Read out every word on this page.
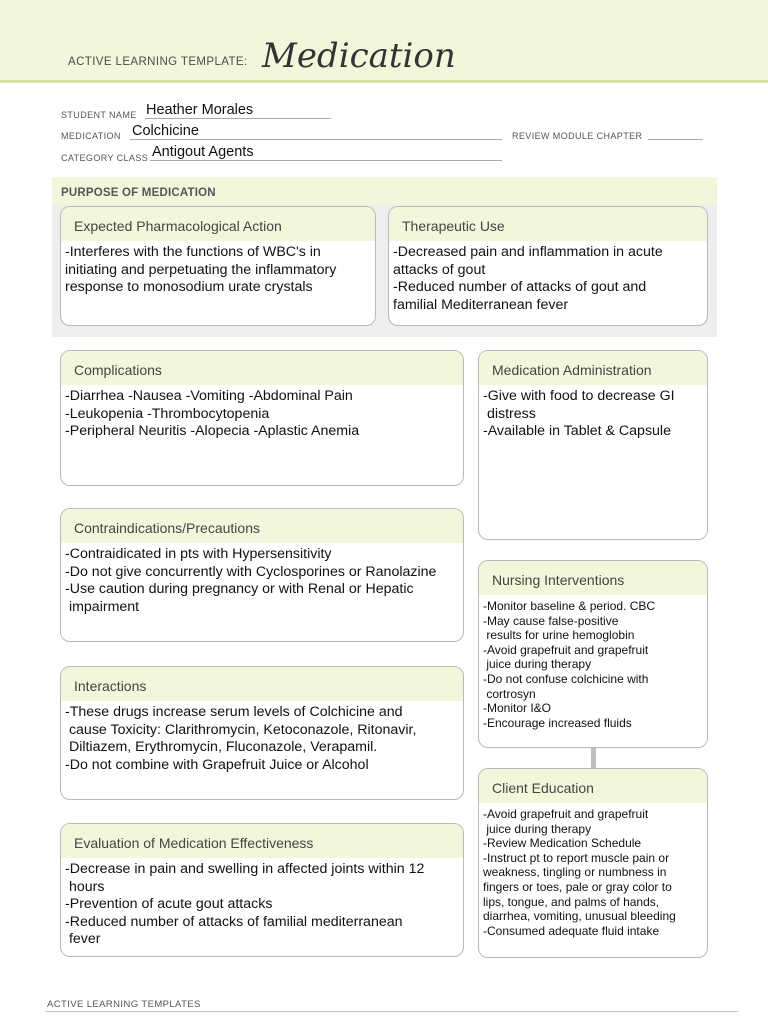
ACTIVE LEARNING TEMPLATE: Medication
STUDENT NAME Heather Morales
MEDICATION Colchicine	REVIEW MODULE CHAPTER
CATEGORY CLASS Antigout Agents
PURPOSE OF MEDICATION
Expected Pharmacological Action
-Interferes with the functions of WBC's in
initiating and perpetuating the inflammatory
response to monosodium urate crystals
Therapeutic Use
-Decreased pain and inflammation in acute
attacks of gout
-Reduced number of attacks of gout and
familial Mediterranean fever
Complications
-Diarrhea -Nausea -Vomiting -Abdominal Pain
-Leukopenia -Thrombocytopenia
-Peripheral Neuritis -Alopecia -Aplastic Anemia
Medication Administration
-Give with food to decrease GI
distress
-Available in Tablet & Capsule
Contraindications/Precautions
-Contraidicated in pts with Hypersensitivity
-Do not give concurrently with Cyclosporines or Ranolazine
-Use caution during pregnancy or with Renal or Hepatic
impairment
Nursing Interventions
-Monitor baseline & period. CBC
-May cause false-positive
results for urine hemoglobin
-Avoid grapefruit and grapefruit
juice during therapy
-Do not confuse colchicine with
cortrosyn
-Monitor I&O
-Encourage increased fluids
Interactions
-These drugs increase serum levels of Colchicine and
cause Toxicity: Clarithromycin, Ketoconazole, Ritonavir,
Diltiazem, Erythromycin, Fluconazole, Verapamil.
-Do not combine with Grapefruit Juice or Alcohol
Client Education
-Avoid grapefruit and grapefruit
juice during therapy
-Review Medication Schedule
-Instruct pt to report muscle pain or
weakness, tingling or numbness in
fingers or toes, pale or gray color to
lips, tongue, and palms of hands,
diarrhea, vomiting, unusual bleeding
-Consumed adequate fluid intake
Evaluation of Medication Effectiveness
-Decrease in pain and swelling in affected joints within 12
hours
-Prevention of acute gout attacks
-Reduced number of attacks of familial mediterranean
fever
ACTIVE LEARNING TEMPLATES
